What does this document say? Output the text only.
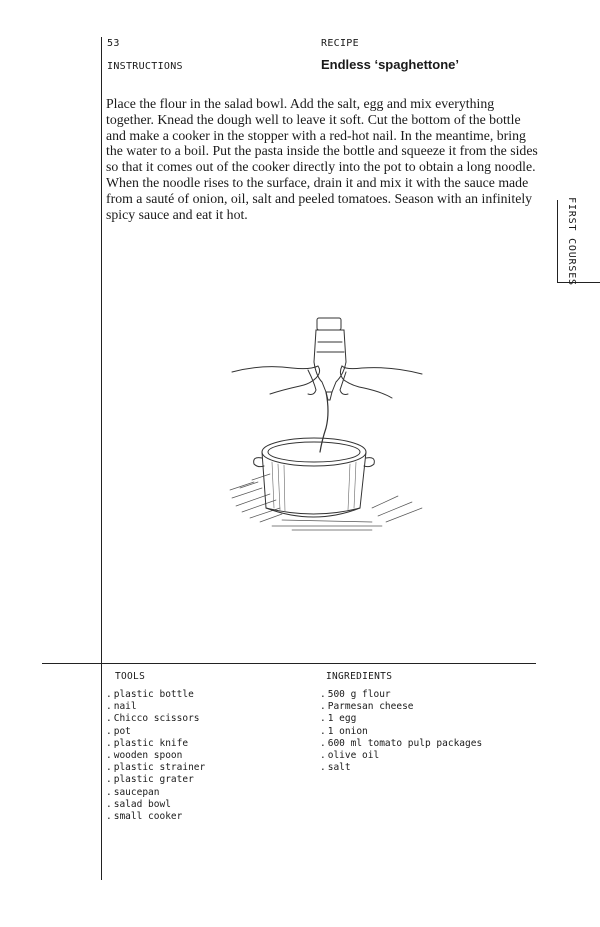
53	RECIPE
INSTRUCTIONS	Endless ‘spaghettone’

Place the flour in the salad bowl. Add the salt, egg and mix everything together. Knead the dough well to leave it soft. Cut the bottom of the bottle and make a cooker in the stopper with a red-hot nail. In the meantime, bring the water to a boil. Put the pasta inside the bottle and squeeze it from the sides so that it comes out of the cooker directly into the pot to obtain a long noodle. When the noodle rises to the surface, drain it and mix it with the sauce made from a sauté of onion, oil, salt and peeled tomatoes. Season with an infinitely spicy sauce and eat it hot.	FIRST COURSES
TOOLS	INGREDIENTS
. plastic bottle
. nail
. Chicco scissors
. pot
. plastic knife
. wooden spoon
. plastic strainer
. plastic grater
. saucepan
. salad bowl
. small cooker
. 500 g flour
. Parmesan cheese
. 1 egg
. 1 onion
. 600 ml tomato pulp packages
. olive oil
. salt
